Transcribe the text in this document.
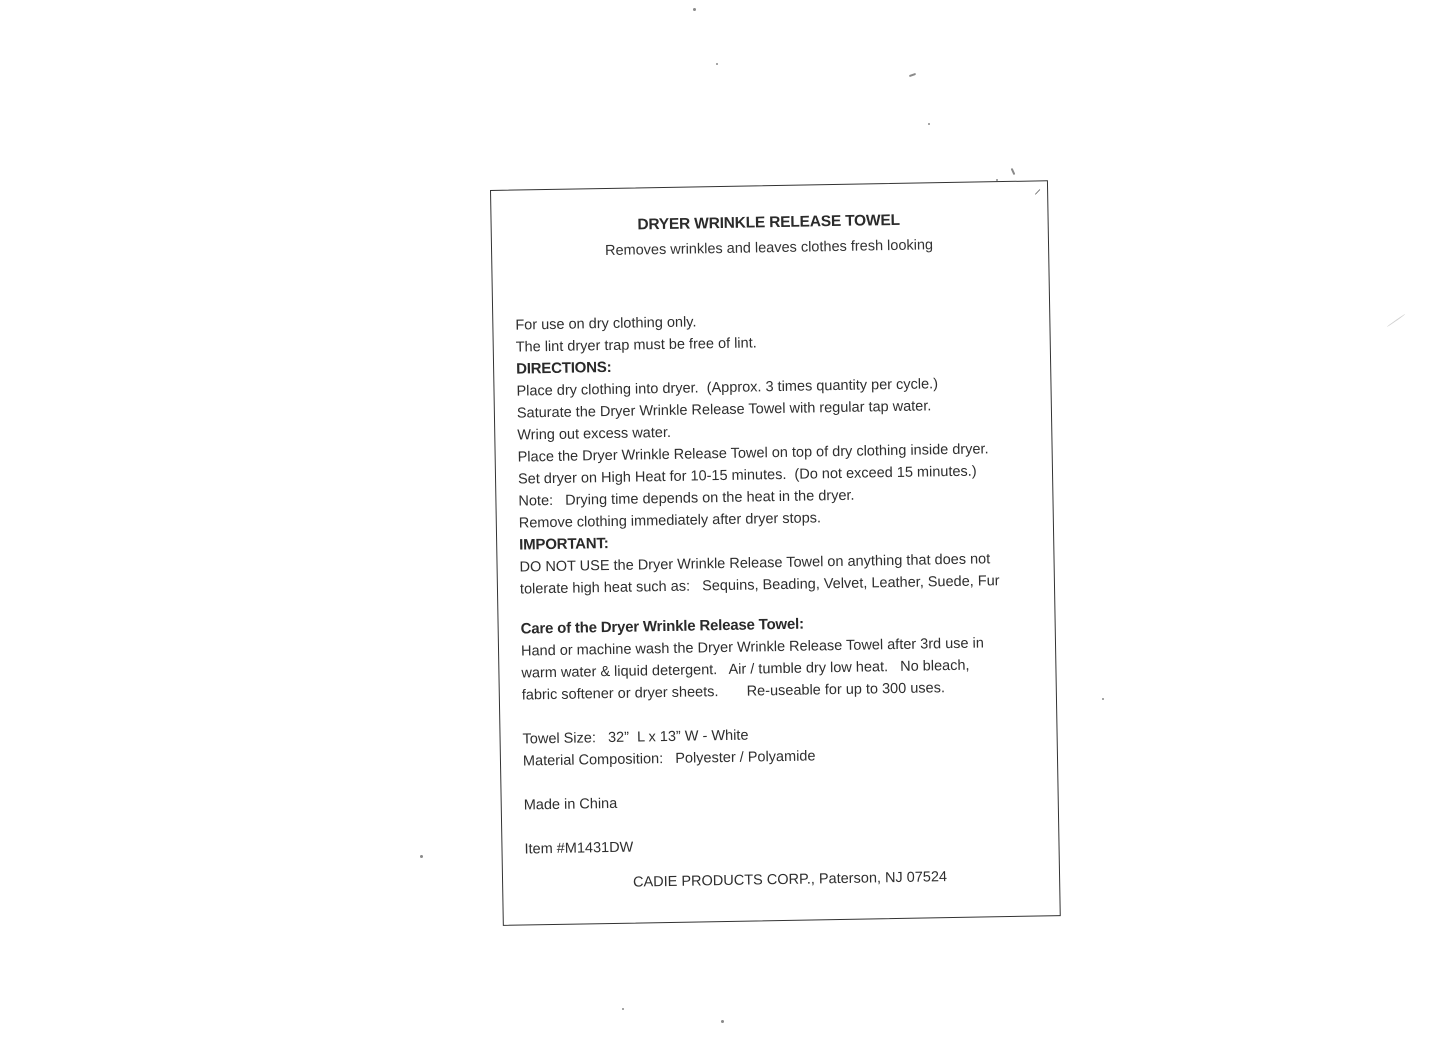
⸝
DRYER WRINKLE RELEASE TOWEL
Removes wrinkles and leaves clothes fresh looking
For use on dry clothing only.
The lint dryer trap must be free of lint.
DIRECTIONS:
Place dry clothing into dryer.  (Approx. 3 times quantity per cycle.)
Saturate the Dryer Wrinkle Release Towel with regular tap water.
Wring out excess water.
Place the Dryer Wrinkle Release Towel on top of dry clothing inside dryer.
Set dryer on High Heat for 10-15 minutes.  (Do not exceed 15 minutes.)
Note:   Drying time depends on the heat in the dryer.
Remove clothing immediately after dryer stops.
IMPORTANT:
DO NOT USE the Dryer Wrinkle Release Towel on anything that does not
tolerate high heat such as:   Sequins, Beading, Velvet, Leather, Suede, Fur
Care of the Dryer Wrinkle Release Towel:
Hand or machine wash the Dryer Wrinkle Release Towel after 3rd use in
warm water & liquid detergent.   Air / tumble dry low heat.   No bleach,
fabric softener or dryer sheets.       Re-useable for up to 300 uses.
Towel Size:   32”  L x 13” W - White
Material Composition:   Polyester / Polyamide
Made in China
Item #M1431DW
CADIE PRODUCTS CORP., Paterson, NJ 07524
